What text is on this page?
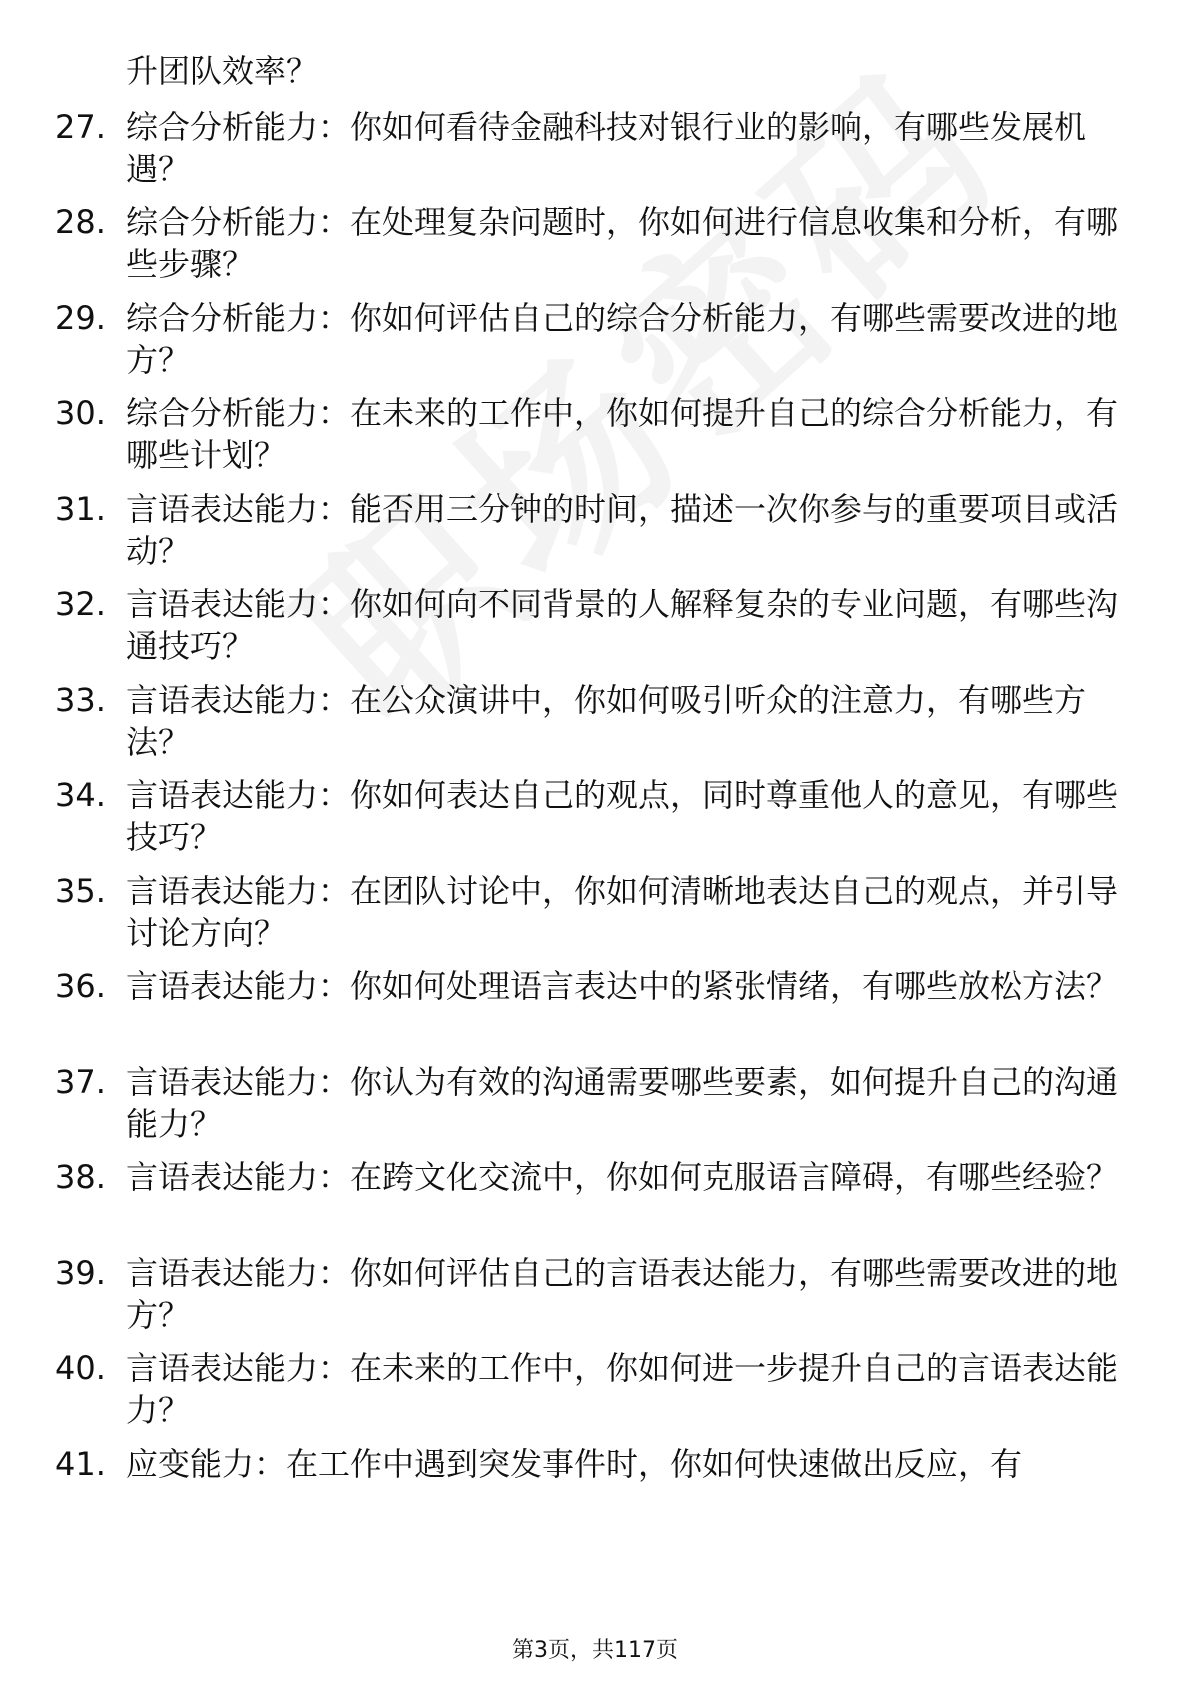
升团队效率？
27. 综合分析能力：你如何看待金融科技对银行业的影响，有哪些发展机遇？
28. 综合分析能力：在处理复杂问题时，你如何进行信息收集和分析，有哪些步骤？
29. 综合分析能力：你如何评估自己的综合分析能力，有哪些需要改进的地方？
30. 综合分析能力：在未来的工作中，你如何提升自己的综合分析能力，有哪些计划？
31. 言语表达能力：能否用三分钟的时间，描述一次你参与的重要项目或活动？
32. 言语表达能力：你如何向不同背景的人解释复杂的专业问题，有哪些沟通技巧？
33. 言语表达能力：在公众演讲中，你如何吸引听众的注意力，有哪些方法？
34. 言语表达能力：你如何表达自己的观点，同时尊重他人的意见，有哪些技巧？
35. 言语表达能力：在团队讨论中，你如何清晰地表达自己的观点，并引导讨论方向？
36. 言语表达能力：你如何处理语言表达中的紧张情绪，有哪些放松方法？
37. 言语表达能力：你认为有效的沟通需要哪些要素，如何提升自己的沟通能力？
38. 言语表达能力：在跨文化交流中，你如何克服语言障碍，有哪些经验？
39. 言语表达能力：你如何评估自己的言语表达能力，有哪些需要改进的地方？
40. 言语表达能力：在未来的工作中，你如何进一步提升自己的言语表达能力？
41. 应变能力：在工作中遇到突发事件时，你如何快速做出反应，有
第3页，共117页
